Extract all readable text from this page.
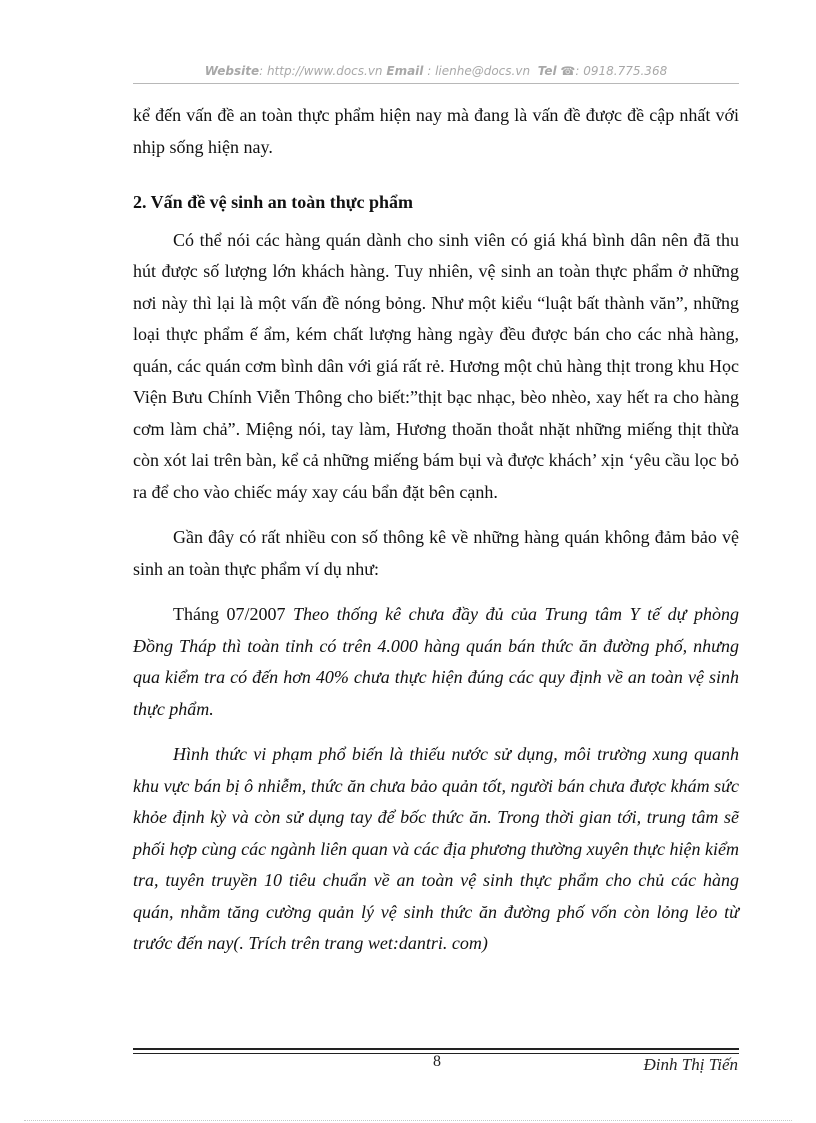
Website: http://www.docs.vn Email : lienhe@docs.vn Tel ☎: 0918.775.368

kể đến vấn đề an toàn thực phẩm hiện nay mà đang là vấn đề được đề cập nhất với nhịp sống hiện nay.

2. Vấn đề vệ sinh an toàn thực phẩm

Có thể nói các hàng quán dành cho sinh viên có giá khá bình dân nên đã thu hút được số lượng lớn khách hàng. Tuy nhiên, vệ sinh an toàn thực phẩm ở những nơi này thì lại là một vấn đề nóng bỏng. Như một kiểu “luật bất thành văn”, những loại thực phẩm ế ẩm, kém chất lượng hàng ngày đều được bán cho các nhà hàng, quán, các quán cơm bình dân với giá rất rẻ. Hương một chủ hàng thịt trong khu Học Viện Bưu Chính Viễn Thông cho biết:”thịt bạc nhạc, bèo nhèo, xay hết ra cho hàng cơm làm chả”. Miệng nói, tay làm, Hương thoăn thoắt nhặt những miếng thịt thừa còn xót lai trên bàn, kể cả những miếng bám bụi và được khách’ xịn ‘yêu cầu lọc bỏ ra để cho vào chiếc máy xay cáu bẩn đặt bên cạnh.

Gần đây có rất nhiều con số thông kê về những hàng quán không đảm bảo vệ sinh an toàn thực phẩm ví dụ như:

Tháng 07/2007 Theo thống kê chưa đầy đủ của Trung tâm Y tế dự phòng Đồng Tháp thì toàn tỉnh có trên 4.000 hàng quán bán thức ăn đường phố, nhưng qua kiểm tra có đến hơn 40% chưa thực hiện đúng các quy định về an toàn vệ sinh thực phẩm.

Hình thức vi phạm phổ biến là thiếu nước sử dụng, môi trường xung quanh khu vực bán bị ô nhiễm, thức ăn chưa bảo quản tốt, người bán chưa được khám sức khỏe định kỳ và còn sử dụng tay để bốc thức ăn. Trong thời gian tới, trung tâm sẽ phối hợp cùng các ngành liên quan và các địa phương thường xuyên thực hiện kiểm tra, tuyên truyền 10 tiêu chuẩn về an toàn vệ sinh thực phẩm cho chủ các hàng quán, nhằm tăng cường quản lý vệ sinh thức ăn đường phố vốn còn lỏng lẻo từ trước đến nay(. Trích trên trang wet:dantri. com)

8	Đinh Thị Tiến
